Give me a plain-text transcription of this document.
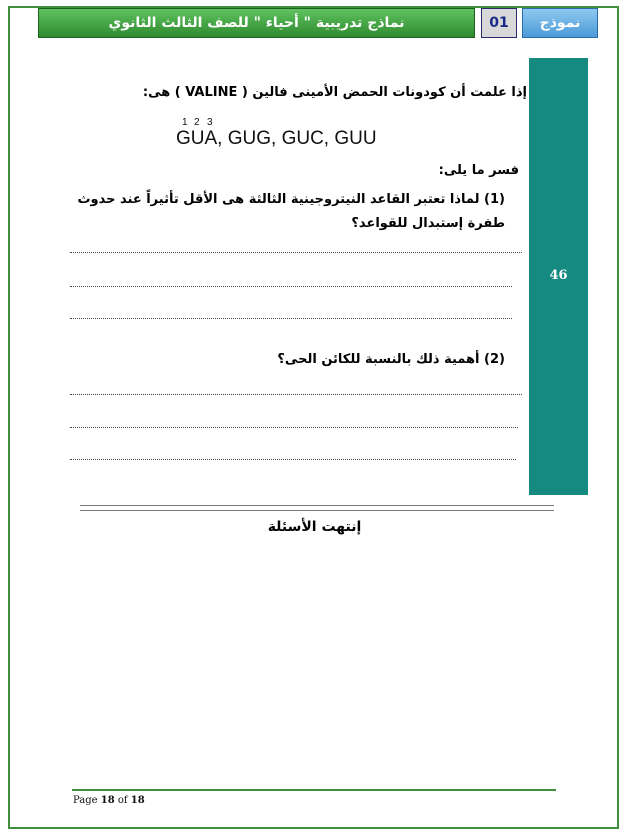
نماذج تدريبية " أحياء " للصف الثالث الثانوي	01	نموذج
46
إذا علمت أن كودونات الحمض الأمينى فالين ( VALINE ) هى:
1 2 3
GUA, GUG, GUC, GUU
فسر ما يلى:
(1) لماذا تعتبر القاعد النيتروجينية الثالثة هى الأقل تأثيراً عند حدوث طفرة إستبدال للقواعد؟
(2) أهمية ذلك بالنسبة للكائن الحى؟
إنتهت الأسئلة
Page 18 of 18
